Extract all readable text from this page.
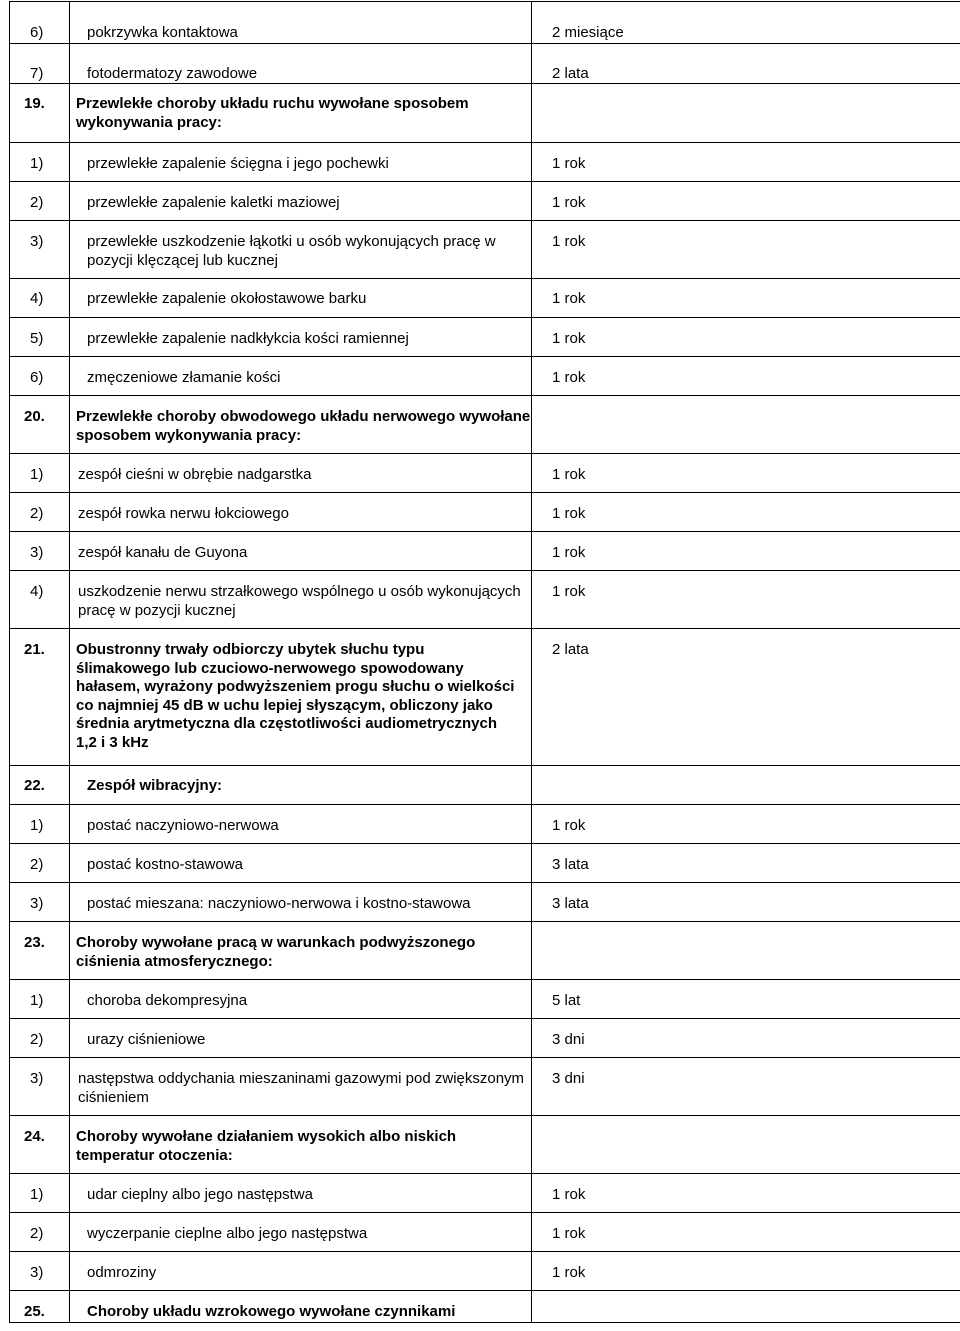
6)	pokrzywka kontaktowa	2 miesiące

7)	fotodermatozy zawodowe	2 lata

19.	Przewlekłe choroby układu ruchu wywołane sposobem wykonywania pracy:	

1)	przewlekłe zapalenie ścięgna i jego pochewki	1 rok

2)	przewlekłe zapalenie kaletki maziowej	1 rok

3)	przewlekłe uszkodzenie łąkotki u osób wykonujących pracę w pozycji klęczącej lub kucznej	1 rok

4)	przewlekłe zapalenie okołostawowe barku	1 rok

5)	przewlekłe zapalenie nadkłykcia kości ramiennej	1 rok

6)	zmęczeniowe złamanie kości	1 rok

20.	Przewlekłe choroby obwodowego układu nerwowego wywołane sposobem wykonywania pracy:	

1)	zespół cieśni w obrębie nadgarstka	1 rok

2)	zespół rowka nerwu łokciowego	1 rok

3)	zespół kanału de Guyona	1 rok

4)	uszkodzenie nerwu strzałkowego wspólnego u osób wykonujących pracę w pozycji kucznej	1 rok

21.	Obustronny trwały odbiorczy ubytek słuchu typu ślimakowego lub czuciowo-nerwowego spowodowany hałasem, wyrażony podwyższeniem progu słuchu o wielkości co najmniej 45 dB w uchu lepiej słyszącym, obliczony jako średnia arytmetyczna dla częstotliwości audiometrycznych 1,2 i 3 kHz	2 lata

22.	Zespół wibracyjny:	

1)	postać naczyniowo-nerwowa	1 rok

2)	postać kostno-stawowa	3 lata

3)	postać mieszana: naczyniowo-nerwowa i kostno-stawowa	3 lata

23.	Choroby wywołane pracą w warunkach podwyższonego ciśnienia atmosferycznego:	

1)	choroba dekompresyjna	5 lat

2)	urazy ciśnieniowe	3 dni

3)	następstwa oddychania mieszaninami gazowymi pod zwiększonym ciśnieniem	3 dni

24.	Choroby wywołane działaniem wysokich albo niskich temperatur otoczenia:	

1)	udar cieplny albo jego następstwa	1 rok

2)	wyczerpanie cieplne albo jego następstwa	1 rok

3)	odmroziny	1 rok

25.	Choroby układu wzrokowego wywołane czynnikami	
